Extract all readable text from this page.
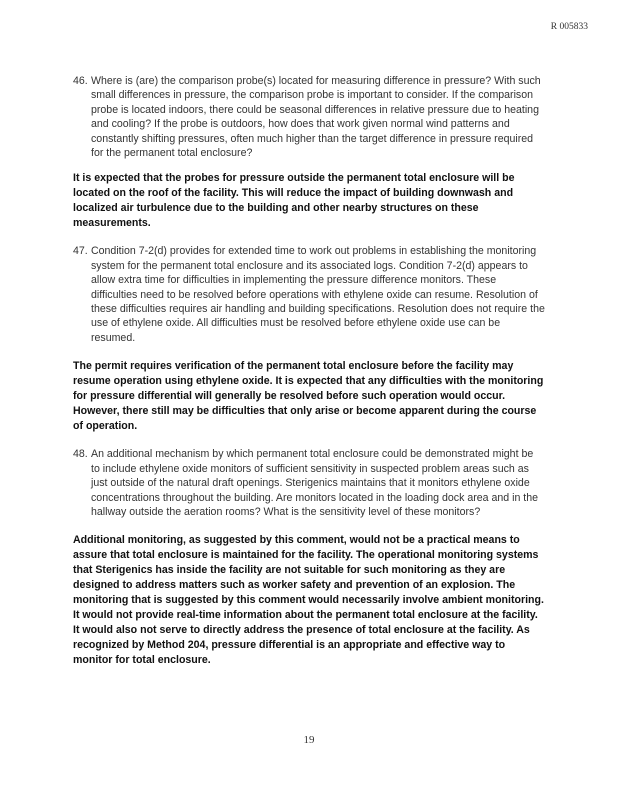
R 005833
46. Where is (are) the comparison probe(s) located for measuring difference in pressure? With such small differences in pressure, the comparison probe is important to consider. If the comparison probe is located indoors, there could be seasonal differences in relative pressure due to heating and cooling? If the probe is outdoors, how does that work given normal wind patterns and constantly shifting pressures, often much higher than the target difference in pressure required for the permanent total enclosure?
It is expected that the probes for pressure outside the permanent total enclosure will be located on the roof of the facility. This will reduce the impact of building downwash and localized air turbulence due to the building and other nearby structures on these measurements.
47. Condition 7-2(d) provides for extended time to work out problems in establishing the monitoring system for the permanent total enclosure and its associated logs. Condition 7-2(d) appears to allow extra time for difficulties in implementing the pressure difference monitors. These difficulties need to be resolved before operations with ethylene oxide can resume. Resolution of these difficulties requires air handling and building specifications. Resolution does not require the use of ethylene oxide. All difficulties must be resolved before ethylene oxide use can be resumed.
The permit requires verification of the permanent total enclosure before the facility may resume operation using ethylene oxide. It is expected that any difficulties with the monitoring for pressure differential will generally be resolved before such operation would occur. However, there still may be difficulties that only arise or become apparent during the course of operation.
48. An additional mechanism by which permanent total enclosure could be demonstrated might be to include ethylene oxide monitors of sufficient sensitivity in suspected problem areas such as just outside of the natural draft openings. Sterigenics maintains that it monitors ethylene oxide concentrations throughout the building. Are monitors located in the loading dock area and in the hallway outside the aeration rooms? What is the sensitivity level of these monitors?
Additional monitoring, as suggested by this comment, would not be a practical means to assure that total enclosure is maintained for the facility. The operational monitoring systems that Sterigenics has inside the facility are not suitable for such monitoring as they are designed to address matters such as worker safety and prevention of an explosion. The monitoring that is suggested by this comment would necessarily involve ambient monitoring. It would not provide real-time information about the permanent total enclosure at the facility. It would also not serve to directly address the presence of total enclosure at the facility. As recognized by Method 204, pressure differential is an appropriate and effective way to monitor for total enclosure.
19
